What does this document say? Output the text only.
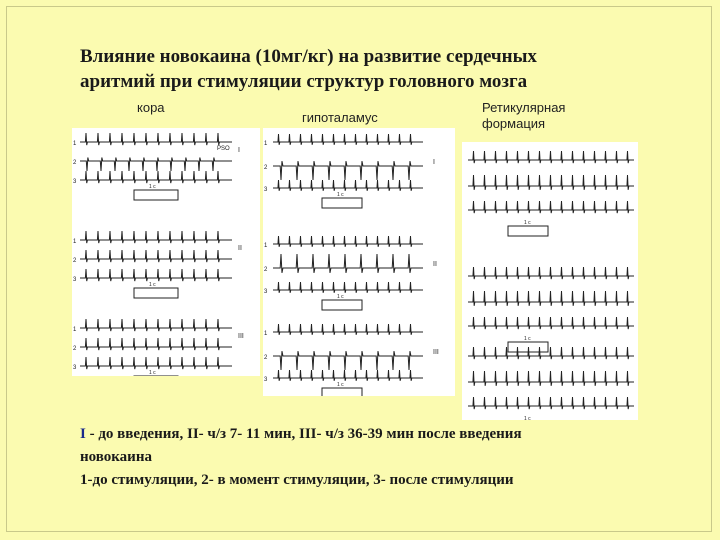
Влияние новокаина (10мг/кг) на развитие сердечных
аритмий при стимуляции структур головного мозга
кора
гипоталамус
Ретикулярная
формация
1
2
3
1 c
I
1
2
3
1 c
II
1
2
3
1 c
III
PSO
1
2
3
1 c
I
1
2
3
1 c
II
1
2
3
1 c
III
1 c
1 c
1 c
I - до введения, II- ч/з 7- 11 мин, III- ч/з 36-39 мин после введения
новокаина
1-до стимуляции, 2- в момент стимуляции, 3- после стимуляции
